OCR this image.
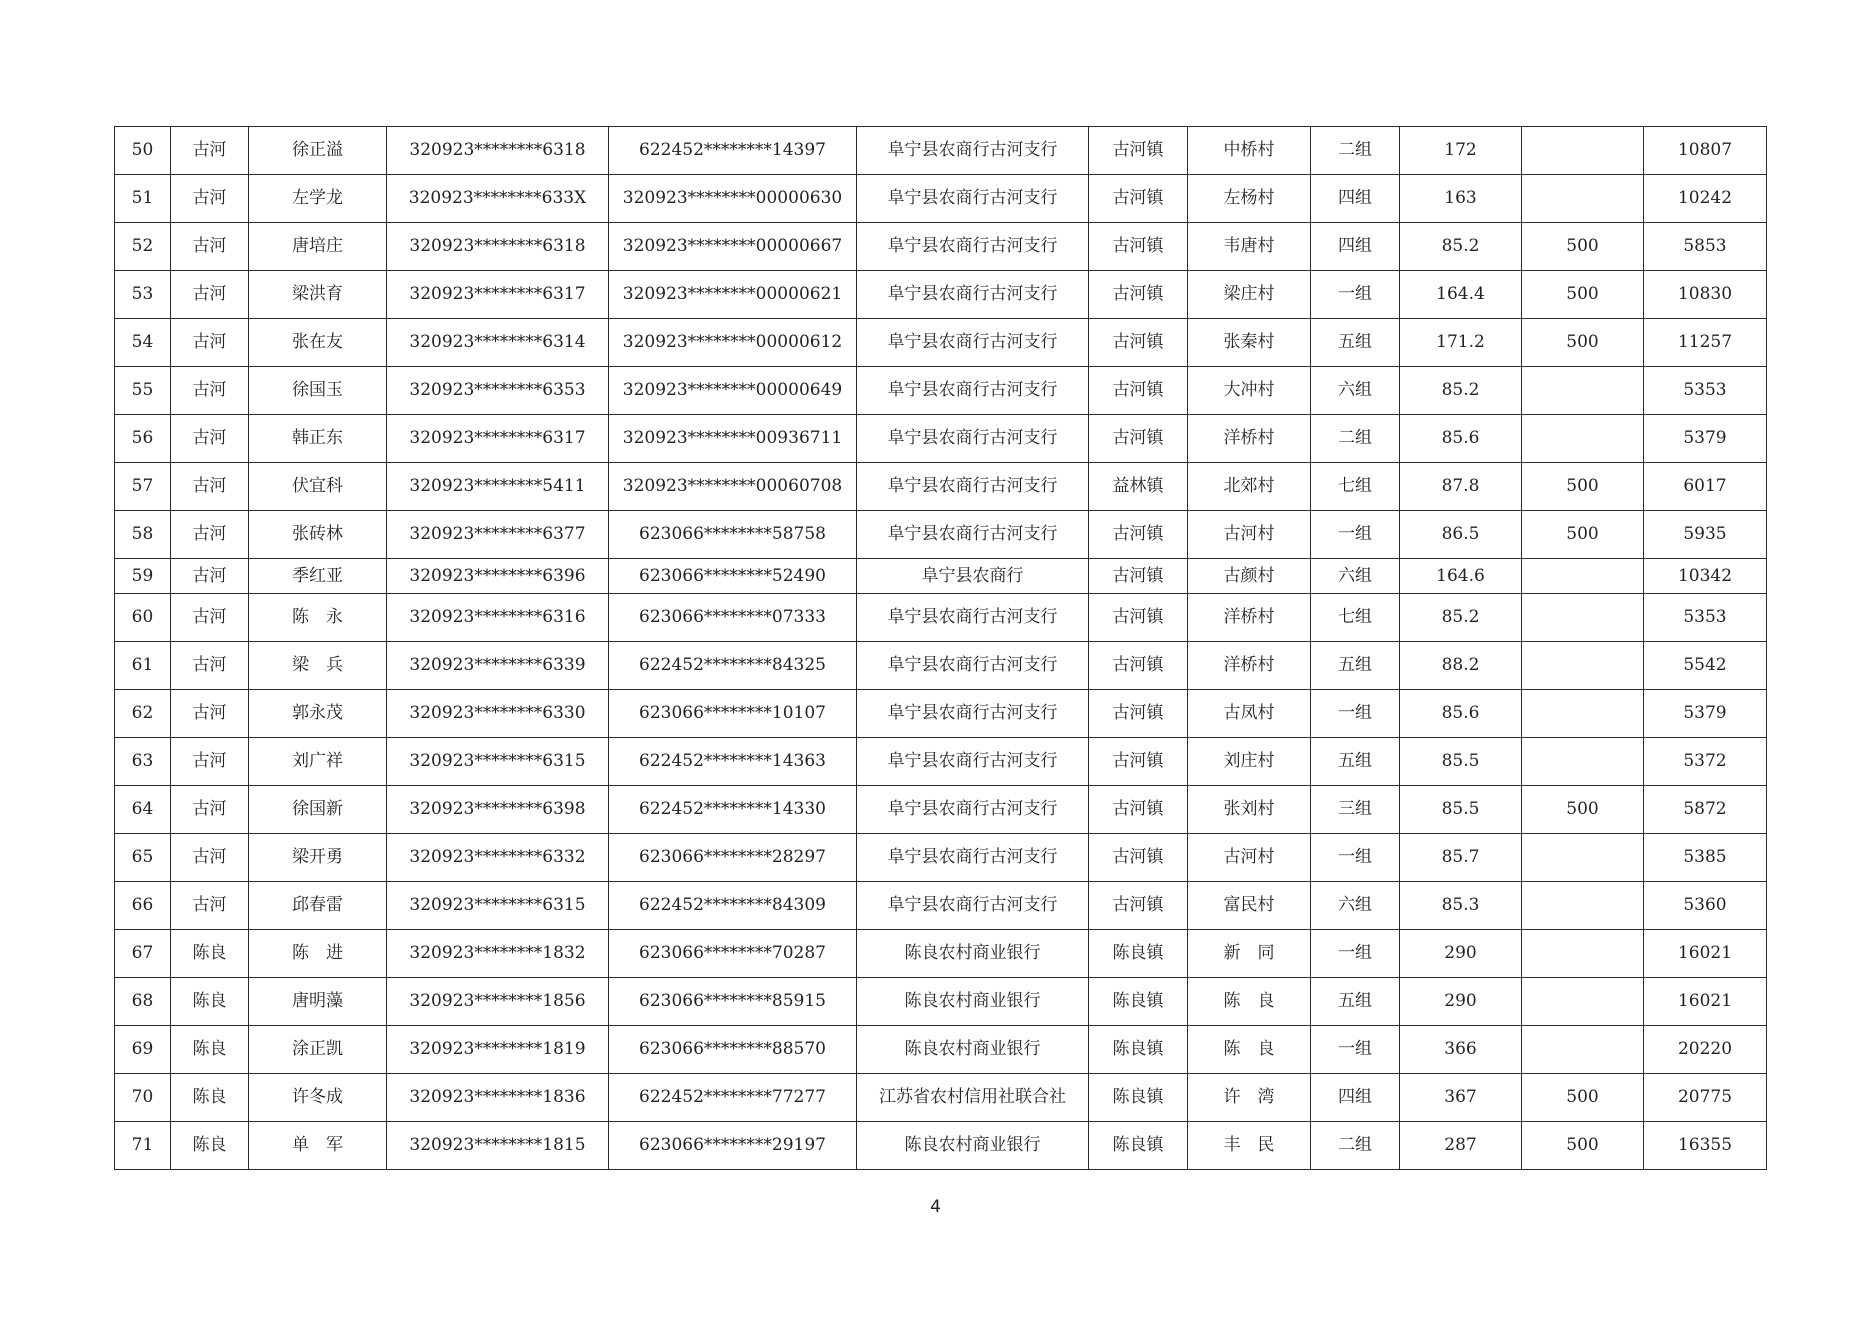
50	古河	徐正溢	320923********6318	622452********14397	阜宁县农商行古河支行	古河镇	中桥村	二组	172		10807
51	古河	左学龙	320923********633X	320923********00000630	阜宁县农商行古河支行	古河镇	左杨村	四组	163		10242
52	古河	唐培庄	320923********6318	320923********00000667	阜宁县农商行古河支行	古河镇	韦唐村	四组	85.2	500	5853
53	古河	梁洪育	320923********6317	320923********00000621	阜宁县农商行古河支行	古河镇	梁庄村	一组	164.4	500	10830
54	古河	张在友	320923********6314	320923********00000612	阜宁县农商行古河支行	古河镇	张秦村	五组	171.2	500	11257
55	古河	徐国玉	320923********6353	320923********00000649	阜宁县农商行古河支行	古河镇	大冲村	六组	85.2		5353
56	古河	韩正东	320923********6317	320923********00936711	阜宁县农商行古河支行	古河镇	洋桥村	二组	85.6		5379
57	古河	伏宜科	320923********5411	320923********00060708	阜宁县农商行古河支行	益林镇	北郊村	七组	87.8	500	6017
58	古河	张砖林	320923********6377	623066********58758	阜宁县农商行古河支行	古河镇	古河村	一组	86.5	500	5935
59	古河	季红亚	320923********6396	623066********52490	阜宁县农商行	古河镇	古颜村	六组	164.6		10342
60	古河	陈　永	320923********6316	623066********07333	阜宁县农商行古河支行	古河镇	洋桥村	七组	85.2		5353
61	古河	梁　兵	320923********6339	622452********84325	阜宁县农商行古河支行	古河镇	洋桥村	五组	88.2		5542
62	古河	郭永茂	320923********6330	623066********10107	阜宁县农商行古河支行	古河镇	古凤村	一组	85.6		5379
63	古河	刘广祥	320923********6315	622452********14363	阜宁县农商行古河支行	古河镇	刘庄村	五组	85.5		5372
64	古河	徐国新	320923********6398	622452********14330	阜宁县农商行古河支行	古河镇	张刘村	三组	85.5	500	5872
65	古河	梁开勇	320923********6332	623066********28297	阜宁县农商行古河支行	古河镇	古河村	一组	85.7		5385
66	古河	邱春雷	320923********6315	622452********84309	阜宁县农商行古河支行	古河镇	富民村	六组	85.3		5360
67	陈良	陈　进	320923********1832	623066********70287	陈良农村商业银行	陈良镇	新　同	一组	290		16021
68	陈良	唐明藻	320923********1856	623066********85915	陈良农村商业银行	陈良镇	陈　良	五组	290		16021
69	陈良	涂正凯	320923********1819	623066********88570	陈良农村商业银行	陈良镇	陈　良	一组	366		20220
70	陈良	许冬成	320923********1836	622452********77277	江苏省农村信用社联合社	陈良镇	许　湾	四组	367	500	20775
71	陈良	单　军	320923********1815	623066********29197	陈良农村商业银行	陈良镇	丰　民	二组	287	500	16355
4
